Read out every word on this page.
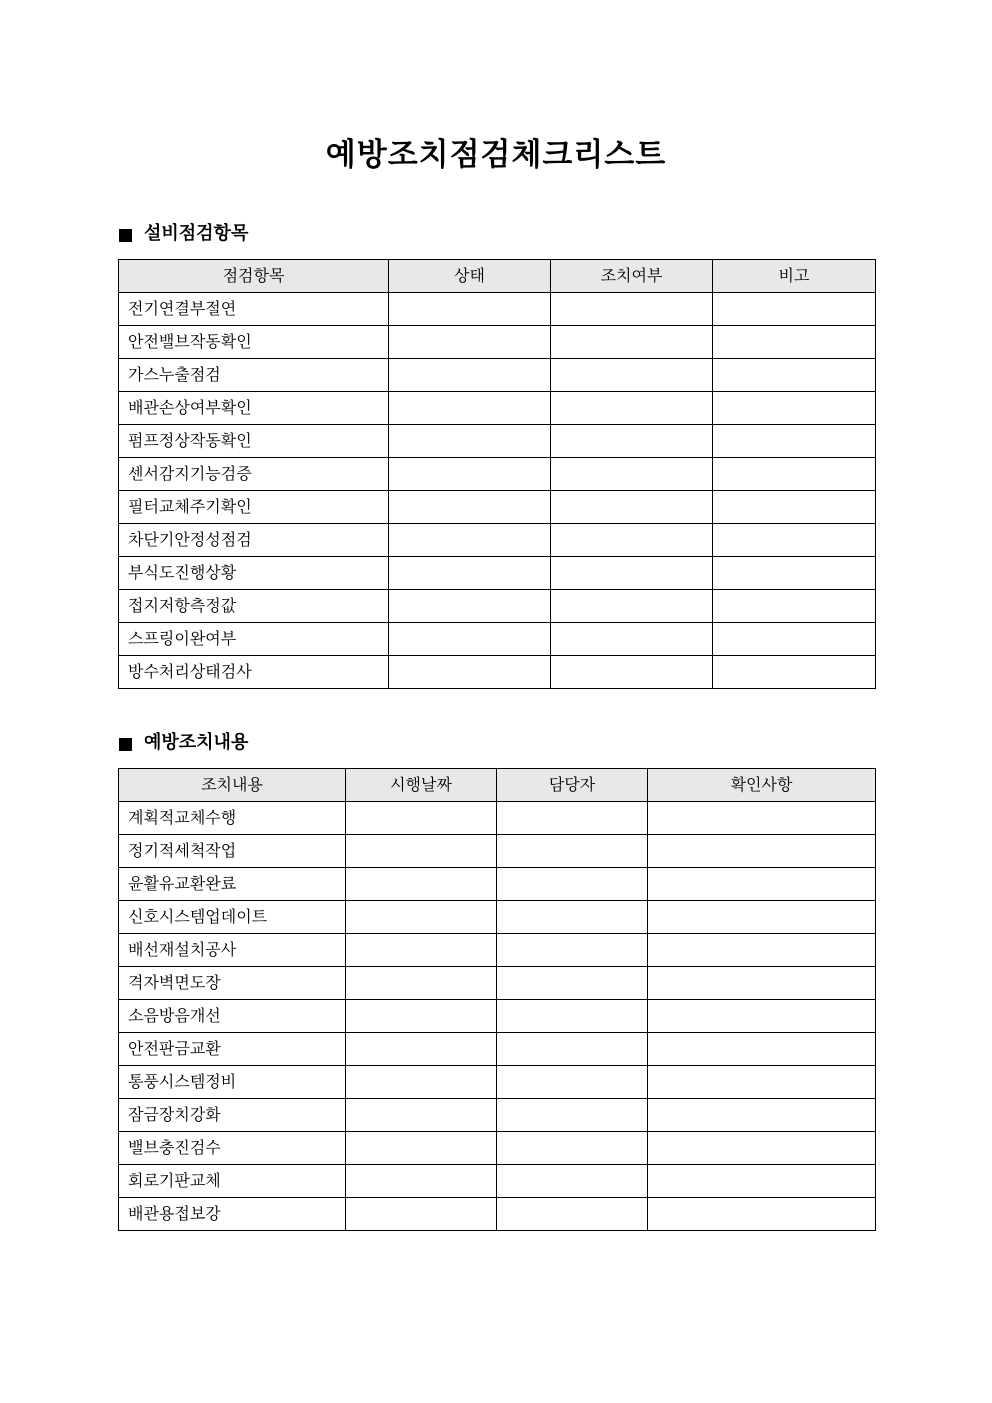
예방조치점검체크리스트
설비점검항목
점검항목	상태	조치여부	비고
전기연결부절연			
안전밸브작동확인			
가스누출점검			
배관손상여부확인			
펌프정상작동확인			
센서감지기능검증			
필터교체주기확인			
차단기안정성점검			
부식도진행상황			
접지저항측정값			
스프링이완여부			
방수처리상태검사			
예방조치내용
조치내용	시행날짜	담당자	확인사항
계획적교체수행			
정기적세척작업			
윤활유교환완료			
신호시스템업데이트			
배선재설치공사			
격자벽면도장			
소음방음개선			
안전판금교환			
통풍시스템정비			
잠금장치강화			
밸브충진검수			
회로기판교체			
배관용접보강			
